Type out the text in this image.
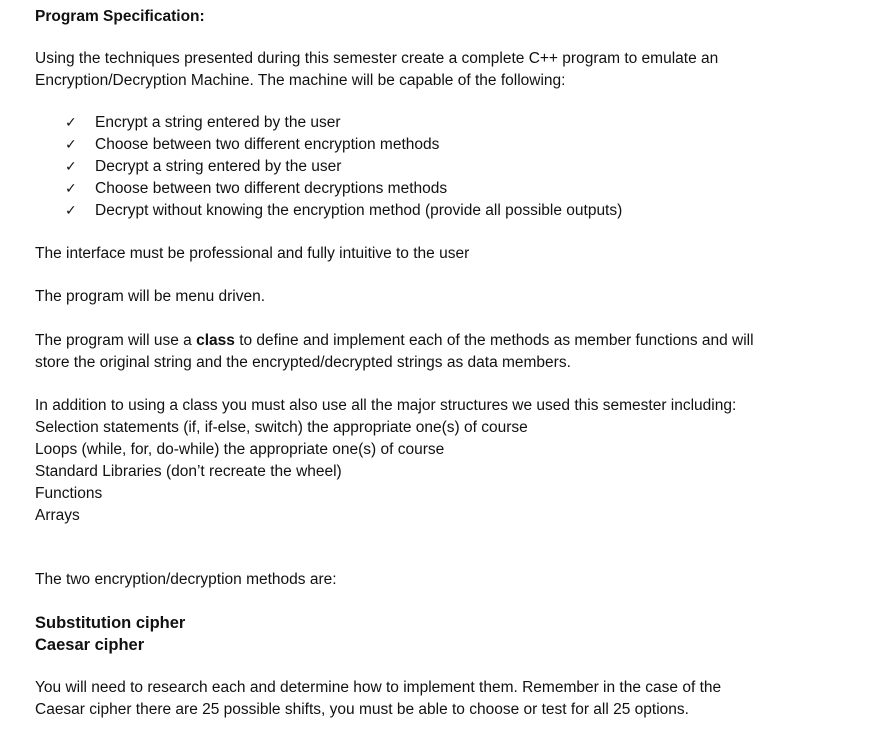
Program Specification:

Using the techniques presented during this semester create a complete C++ program to emulate an
Encryption/Decryption Machine. The machine will be capable of the following:
✓ Encrypt a string entered by the user
✓ Choose between two different encryption methods
✓ Decrypt a string entered by the user
✓ Choose between two different decryptions methods
✓ Decrypt without knowing the encryption method (provide all possible outputs)
The interface must be professional and fully intuitive to the user
The program will be menu driven.
The program will use a class to define and implement each of the methods as member functions and will
store the original string and the encrypted/decrypted strings as data members.
In addition to using a class you must also use all the major structures we used this semester including:
Selection statements (if, if-else, switch) the appropriate one(s) of course
Loops (while, for, do-while) the appropriate one(s) of course
Standard Libraries (don’t recreate the wheel)
Functions
Arrays
The two encryption/decryption methods are:
Substitution cipher
Caesar cipher
You will need to research each and determine how to implement them. Remember in the case of the
Caesar cipher there are 25 possible shifts, you must be able to choose or test for all 25 options.
